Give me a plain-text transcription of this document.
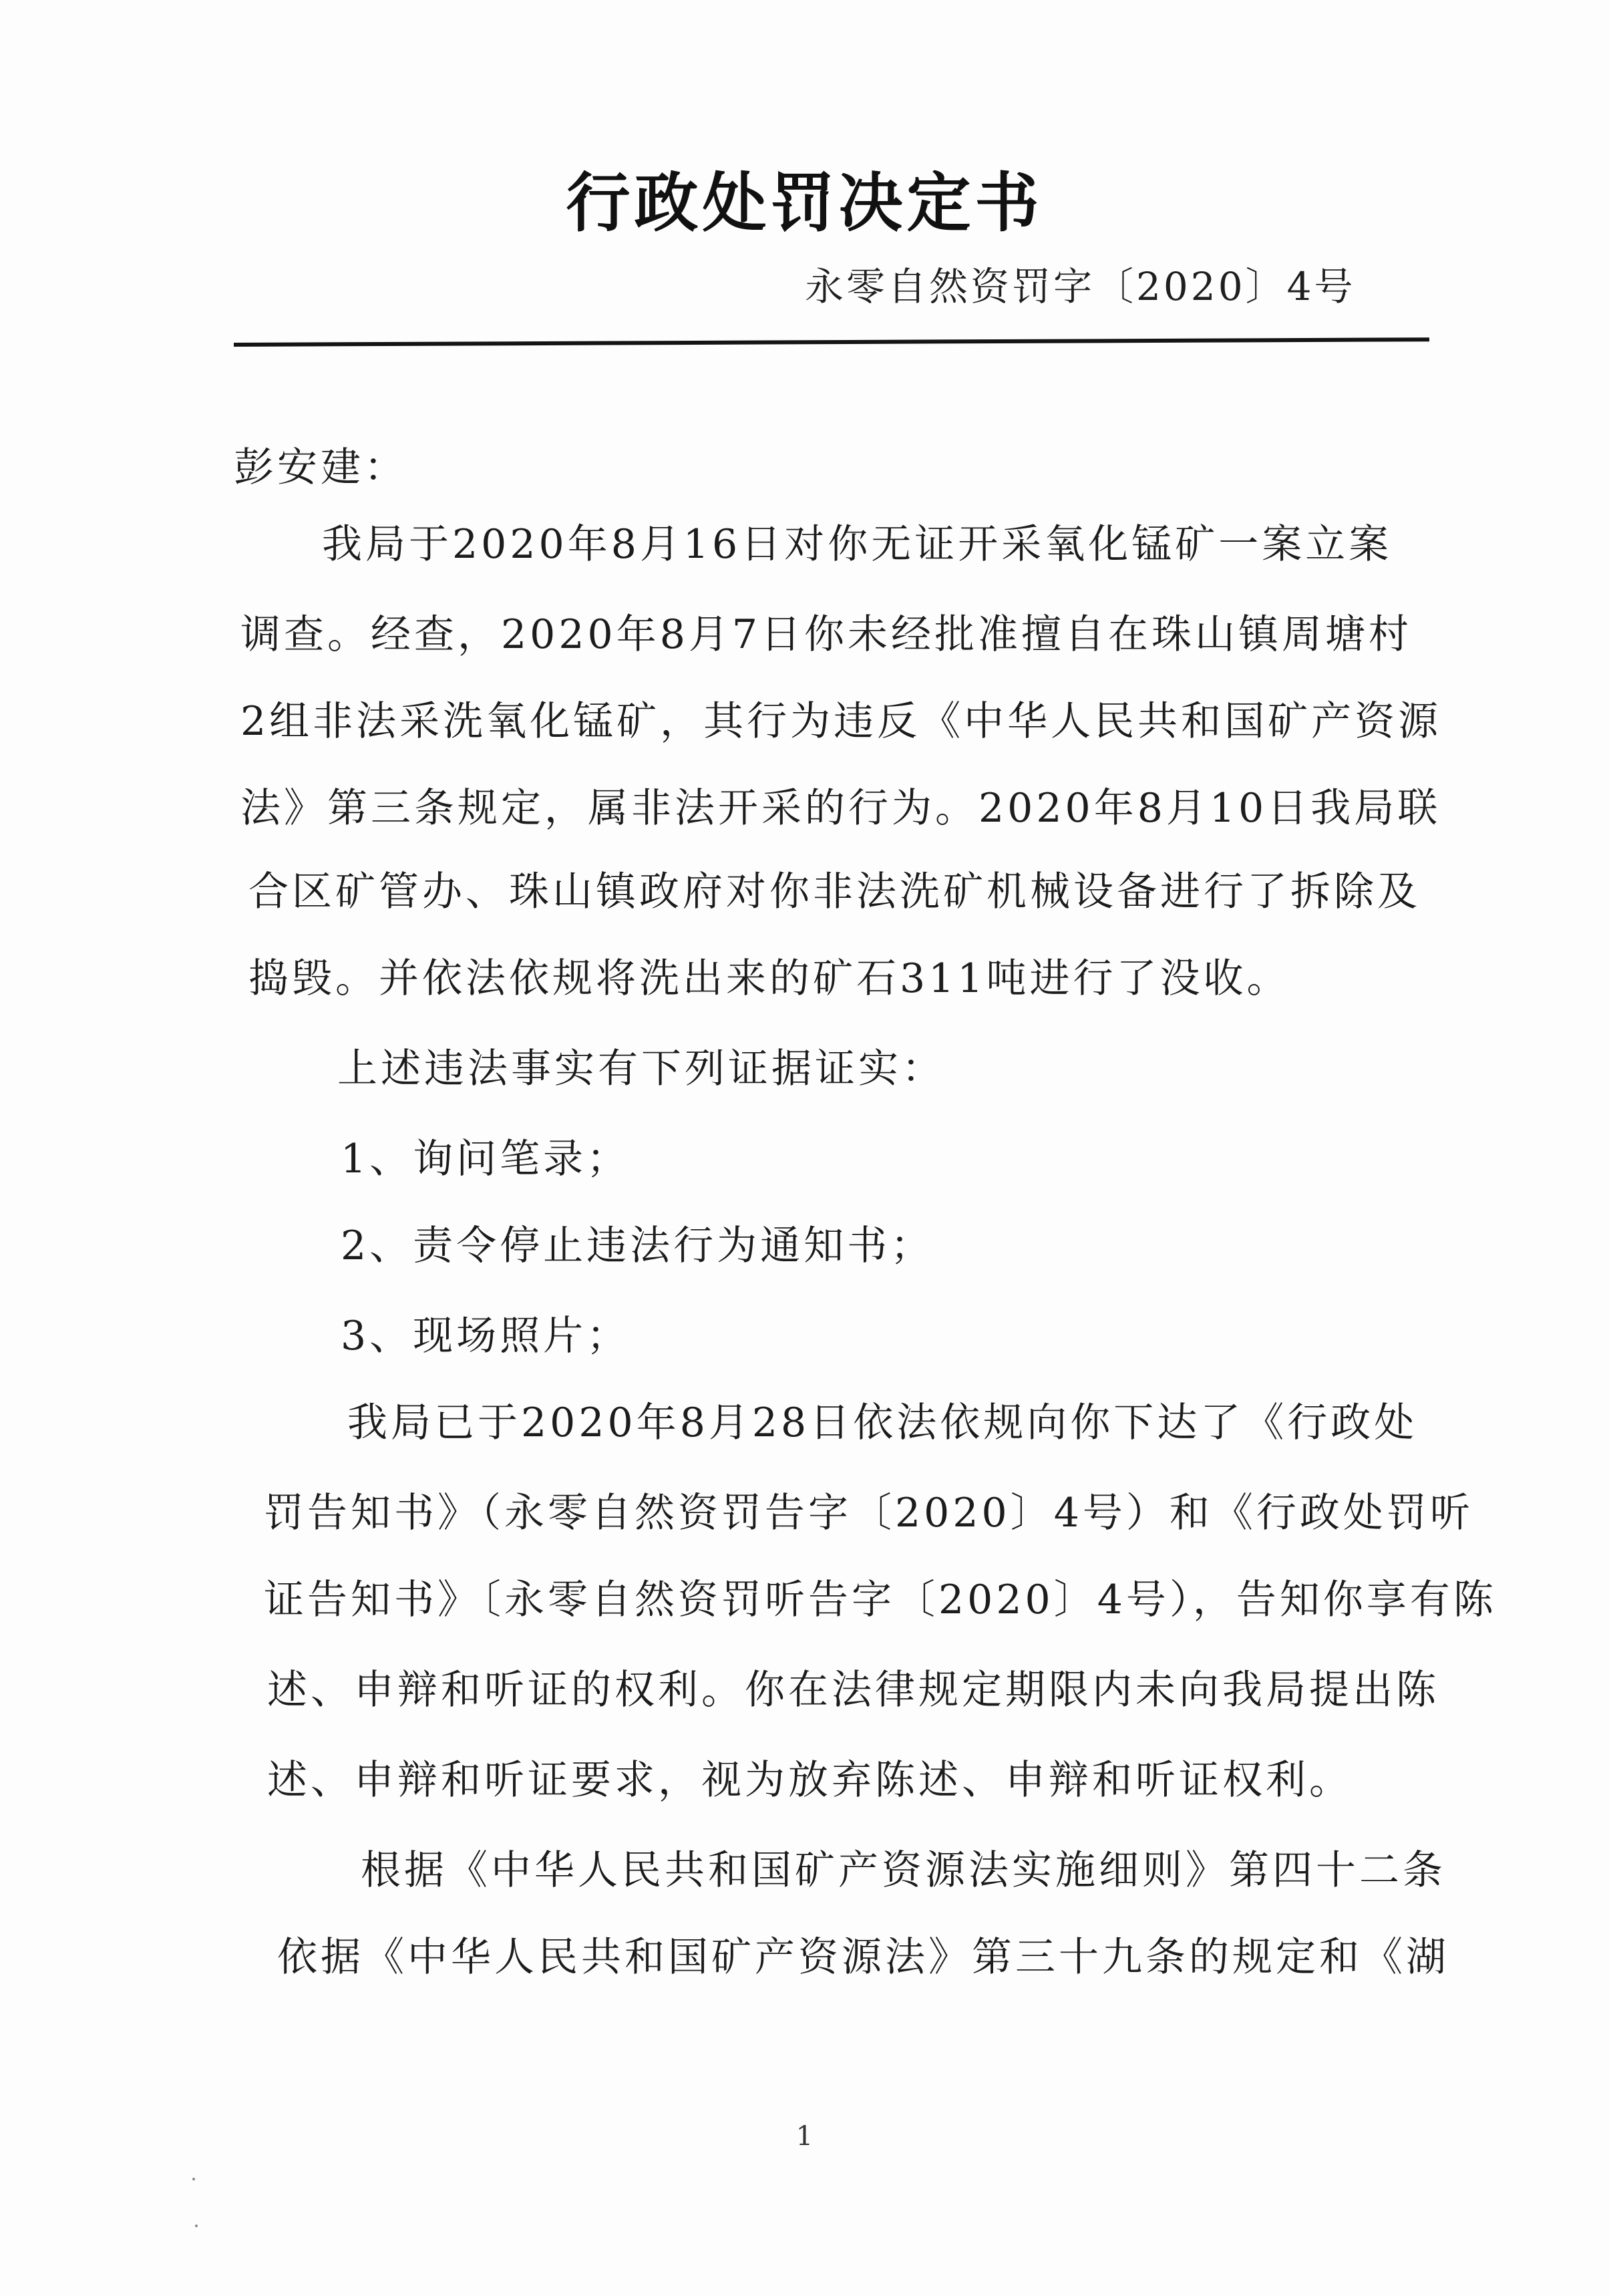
行政处罚决定书
永零自然资罚字〔2020〕4号
彭安建：
我局于2020年8月16日对你无证开采氧化锰矿一案立案
调查。经查，2020年8月7日你未经批准擅自在珠山镇周塘村
2组非法采洗氧化锰矿，其行为违反《中华人民共和国矿产资源
法》第三条规定，属非法开采的行为。2020年8月10日我局联
合区矿管办、珠山镇政府对你非法洗矿机械设备进行了拆除及
捣毁。并依法依规将洗出来的矿石311吨进行了没收。
上述违法事实有下列证据证实：
1、询问笔录；
2、责令停止违法行为通知书；
3、现场照片；
我局已于2020年8月28日依法依规向你下达了《行政处
罚告知书》（永零自然资罚告字〔2020〕4号）和《行政处罚听
证告知书》〔永零自然资罚听告字〔2020〕4号），告知你享有陈
述、申辩和听证的权利。你在法律规定期限内未向我局提出陈
述、申辩和听证要求，视为放弃陈述、申辩和听证权利。
根据《中华人民共和国矿产资源法实施细则》第四十二条
依据《中华人民共和国矿产资源法》第三十九条的规定和《湖
1
